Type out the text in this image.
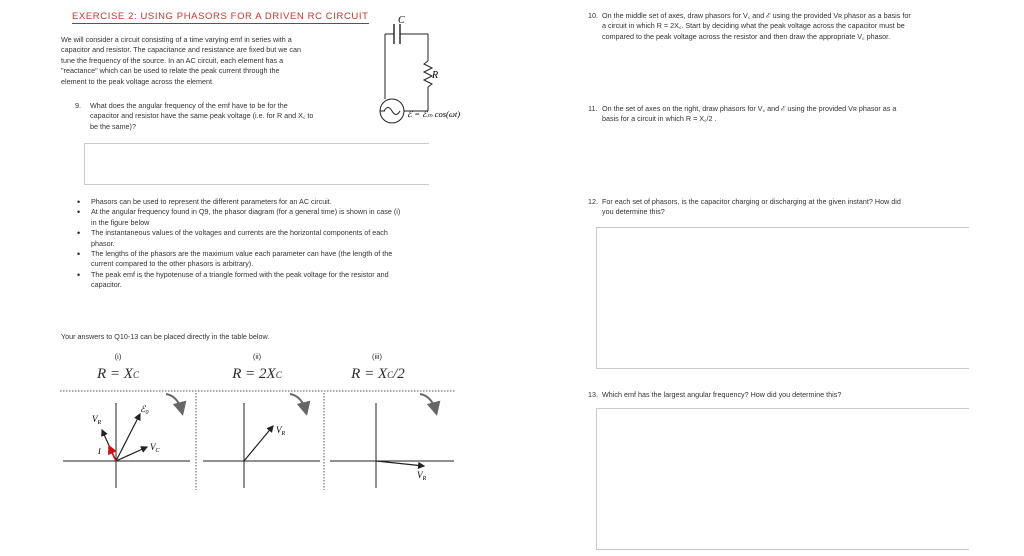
EXERCISE 2: USING PHASORS FOR A DRIVEN RC CIRCUIT
We will consider a circuit consisting of a time varying emf in series with a
capacitor and resistor. The capacitance and resistance are fixed but we can
tune the frequency of the source. In an AC circuit, each element has a
"reactance" which can be used to relate the peak current through the
element to the peak voltage across the element.
C
R
ℰ = ℰₘ cos(ωt)
9. What does the angular frequency of the emf have to be for the
capacitor and resistor have the same peak voltage (i.e. for R and X꜀ to
be the same)?
• Phasors can be used to represent the different parameters for an AC circuit.
• At the angular frequency found in Q9, the phasor diagram (for a general time) is shown in case (i)
in the figure below
• The instantaneous values of the voltages and currents are the horizontal components of each
phasor.
• The lengths of the phasors are the maximum value each parameter can have (the length of the
current compared to the other phasors is arbitrary).
• The peak emf is the hypotenuse of a triangle formed with the peak voltage for the resistor and
capacitor.
Your answers to Q10-13 can be placed directly in the table below.
(i)	(ii)	(iii)
R = XC	R = 2XC	R = XC/2
$V_R$
ℰ$_0$
$V_C$
I
$V_R$
$V_R$
10. On the middle set of axes, draw phasors for V꜀ and ℰ using the provided Vʀ phasor as a basis for
a circuit in which R = 2X꜀. Start by deciding what the peak voltage across the capacitor must be
compared to the peak voltage across the resistor and then draw the appropriate V꜀ phasor.
11. On the set of axes on the right, draw phasors for V꜀ and ℰ using the provided Vʀ phasor as a
basis for a circuit in which R = X꜀/2 .
12. For each set of phasors, is the capacitor charging or discharging at the given instant? How did
you determine this?
13. Which emf has the largest angular frequency? How did you determine this?
